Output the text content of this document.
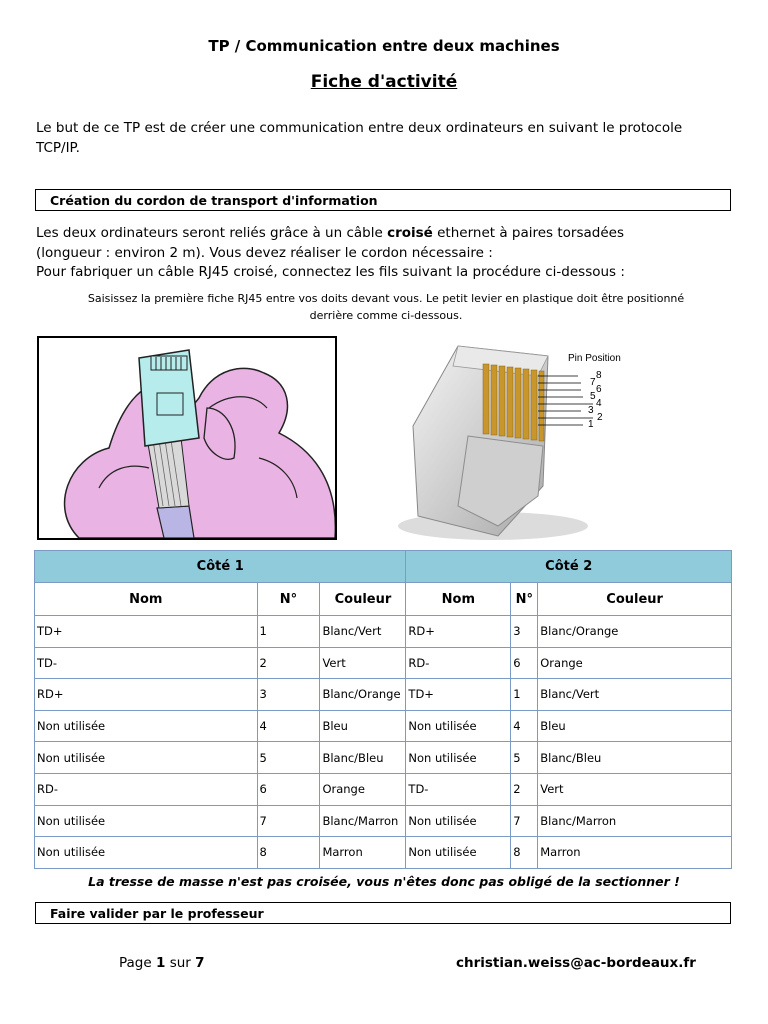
TP / Communication entre deux machines
Fiche d'activité
Le but de ce TP est de créer une communication entre deux ordinateurs en suivant le protocole
TCP/IP.
Création du cordon de transport d'information
Les deux ordinateurs seront reliés grâce à un câble croisé ethernet à paires torsadées
(longueur : environ 2 m). Vous devez réaliser le cordon nécessaire :
Pour fabriquer un câble RJ45 croisé, connectez les fils suivant la procédure ci-dessous :
Saisissez la première fiche RJ45 entre vos doits devant vous. Le petit levier en plastique doit être positionné
derrière comme ci-dessous.
Pin Position
8
7
6
5
4
3
2
1
Côté 1			Côté 2		
Nom	N°	Couleur	Nom	N°	Couleur
TD+	1	Blanc/Vert	RD+	3	Blanc/Orange
TD-	2	Vert	RD-	6	Orange
RD+	3	Blanc/Orange	TD+	1	Blanc/Vert
Non utilisée	4	Bleu	Non utilisée	4	Bleu
Non utilisée	5	Blanc/Bleu	Non utilisée	5	Blanc/Bleu
RD-	6	Orange	TD-	2	Vert
Non utilisée	7	Blanc/Marron	Non utilisée	7	Blanc/Marron
Non utilisée	8	Marron	Non utilisée	8	Marron
La tresse de masse n'est pas croisée, vous n'êtes donc pas obligé de la sectionner !
Faire valider par le professeur
Page 1 sur 7	christian.weiss@ac-bordeaux.fr
